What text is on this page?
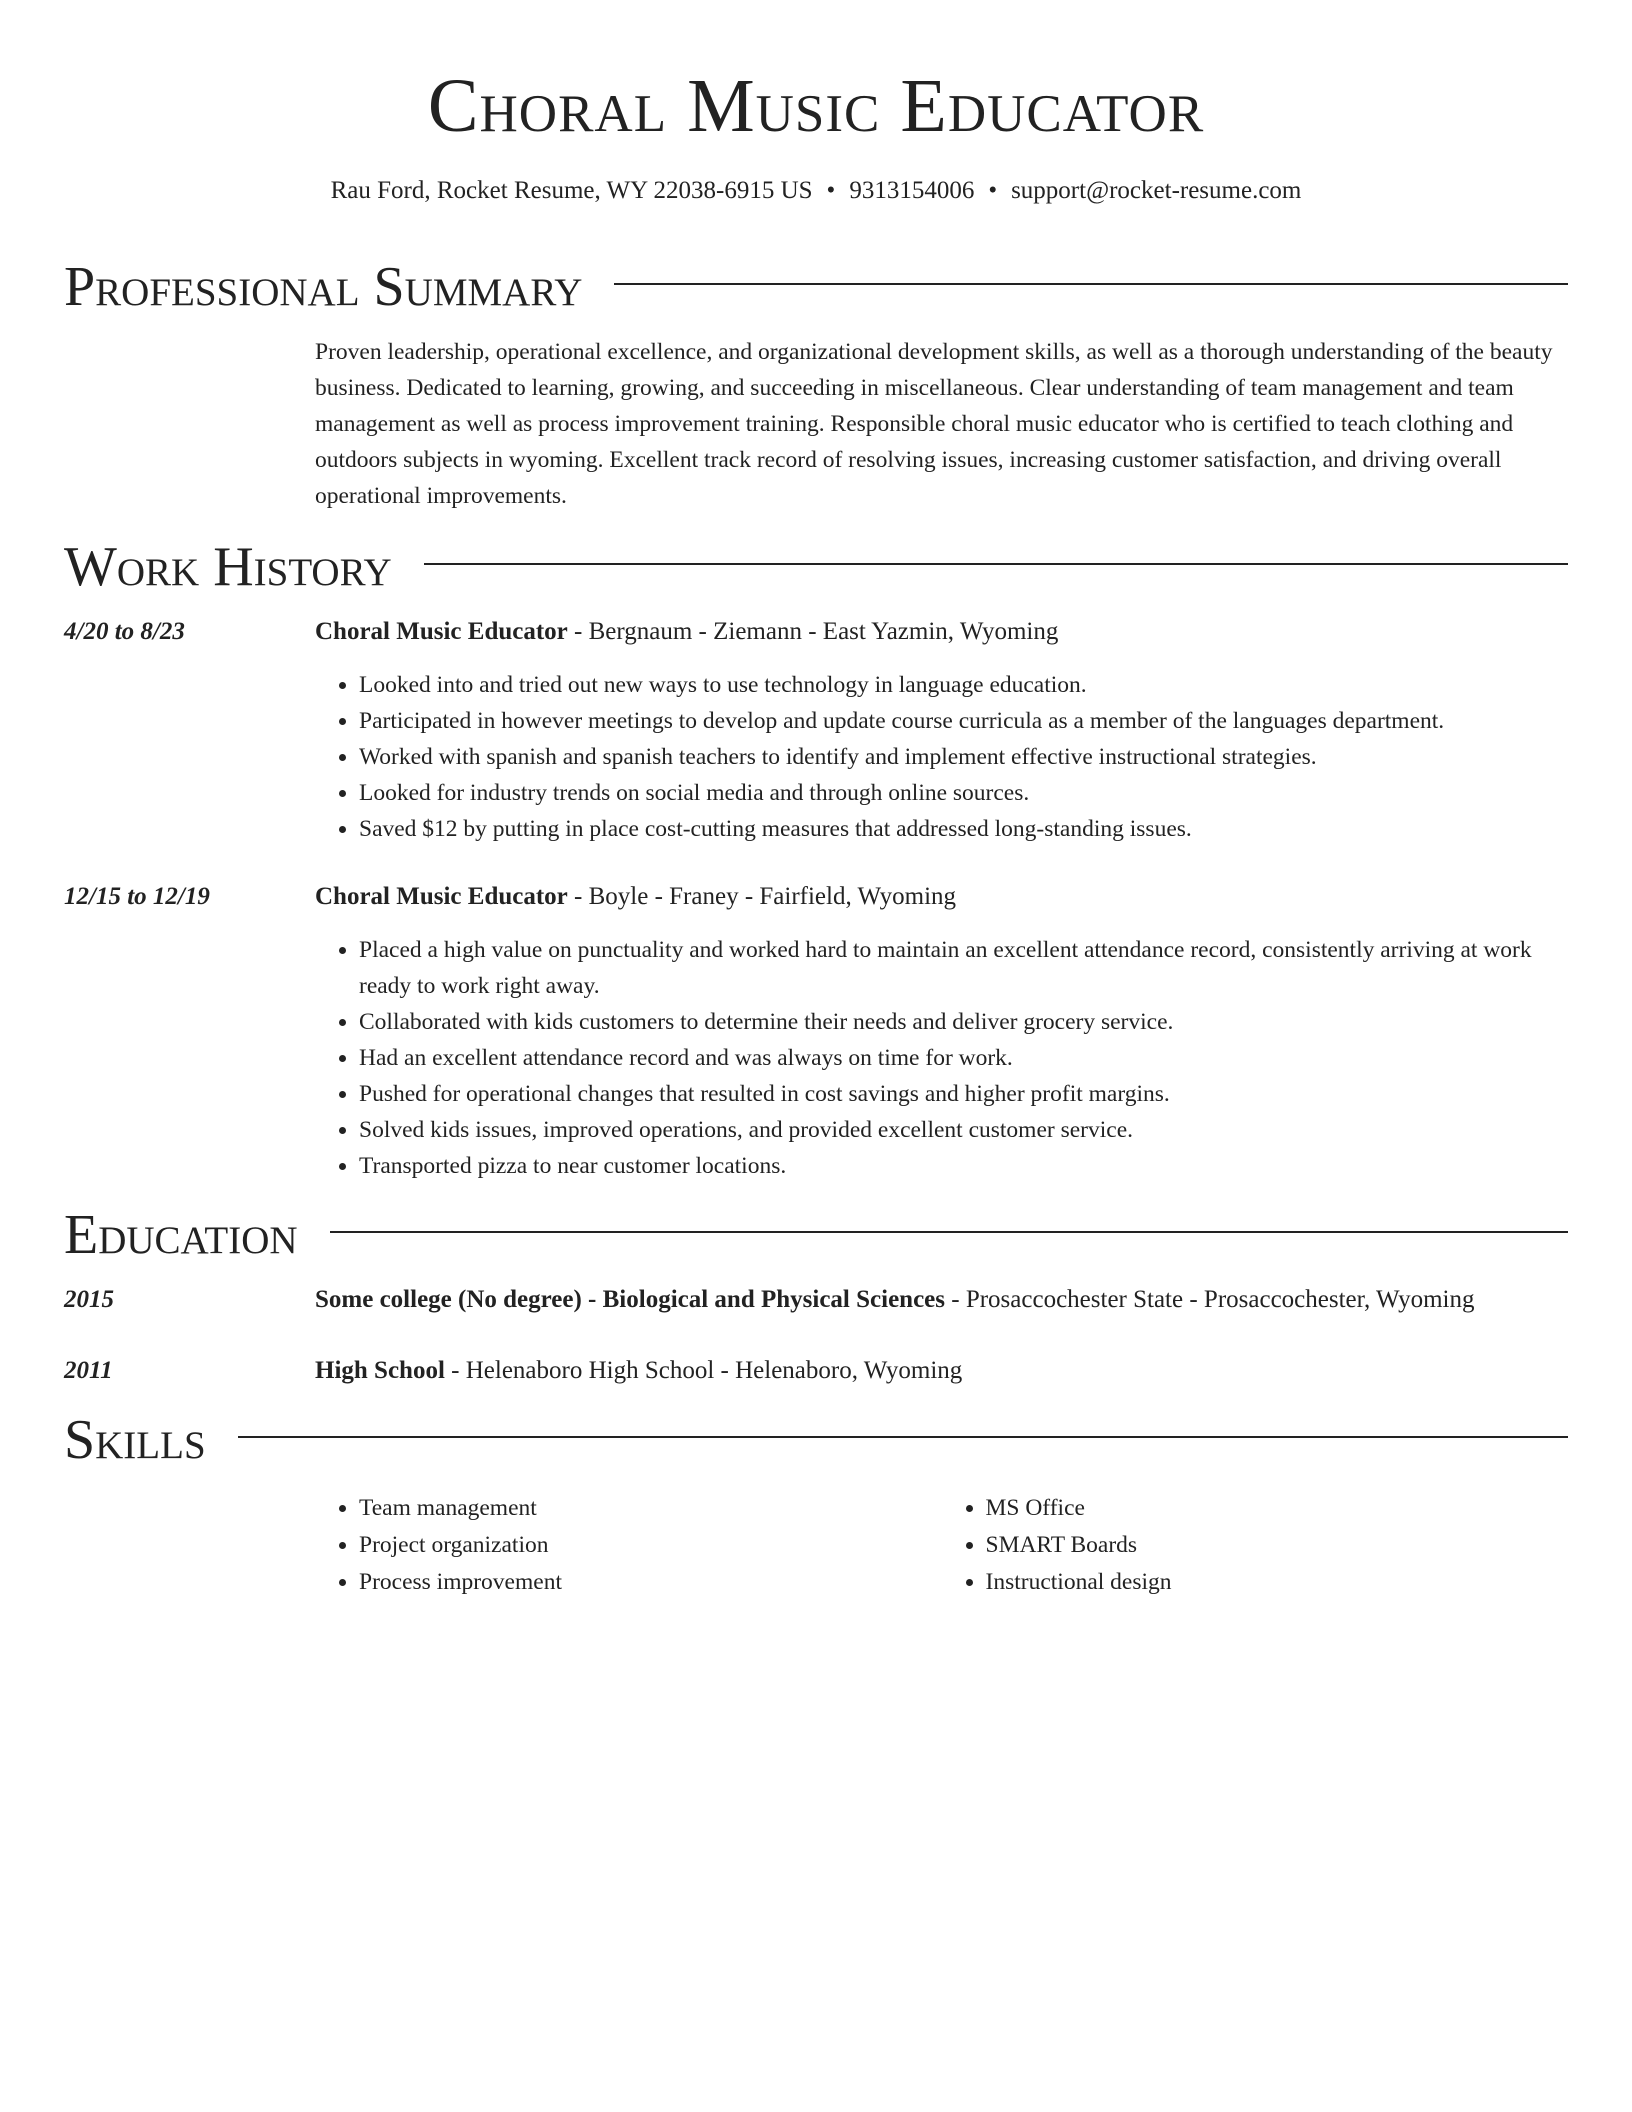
Choral Music Educator
Rau Ford, Rocket Resume, WY 22038-6915 US • 9313154006 • support@rocket-resume.com
Professional Summary

Proven leadership, operational excellence, and organizational development skills, as well as a thorough understanding of the beauty business. Dedicated to learning, growing, and succeeding in miscellaneous. Clear understanding of team management and team management as well as process improvement training. Responsible choral music educator who is certified to teach clothing and outdoors subjects in wyoming. Excellent track record of resolving issues, increasing customer satisfaction, and driving overall operational improvements.

Work History
4/20 to 8/23	Choral Music Educator - Bergnaum - Ziemann - East Yazmin, Wyoming
• Looked into and tried out new ways to use technology in language education.
• Participated in however meetings to develop and update course curricula as a member of the languages department.
• Worked with spanish and spanish teachers to identify and implement effective instructional strategies.
• Looked for industry trends on social media and through online sources.
• Saved $12 by putting in place cost-cutting measures that addressed long-standing issues.
12/15 to 12/19	Choral Music Educator - Boyle - Franey - Fairfield, Wyoming
• Placed a high value on punctuality and worked hard to maintain an excellent attendance record, consistently arriving at work ready to work right away.
• Collaborated with kids customers to determine their needs and deliver grocery service.
• Had an excellent attendance record and was always on time for work.
• Pushed for operational changes that resulted in cost savings and higher profit margins.
• Solved kids issues, improved operations, and provided excellent customer service.
• Transported pizza to near customer locations.
Education
2015	Some college (No degree) - Biological and Physical Sciences - Prosaccochester State - Prosaccochester, Wyoming
2011	High School - Helenaboro High School - Helenaboro, Wyoming
Skills
• Team management
• Project organization
• Process improvement
• MS Office
• SMART Boards
• Instructional design
